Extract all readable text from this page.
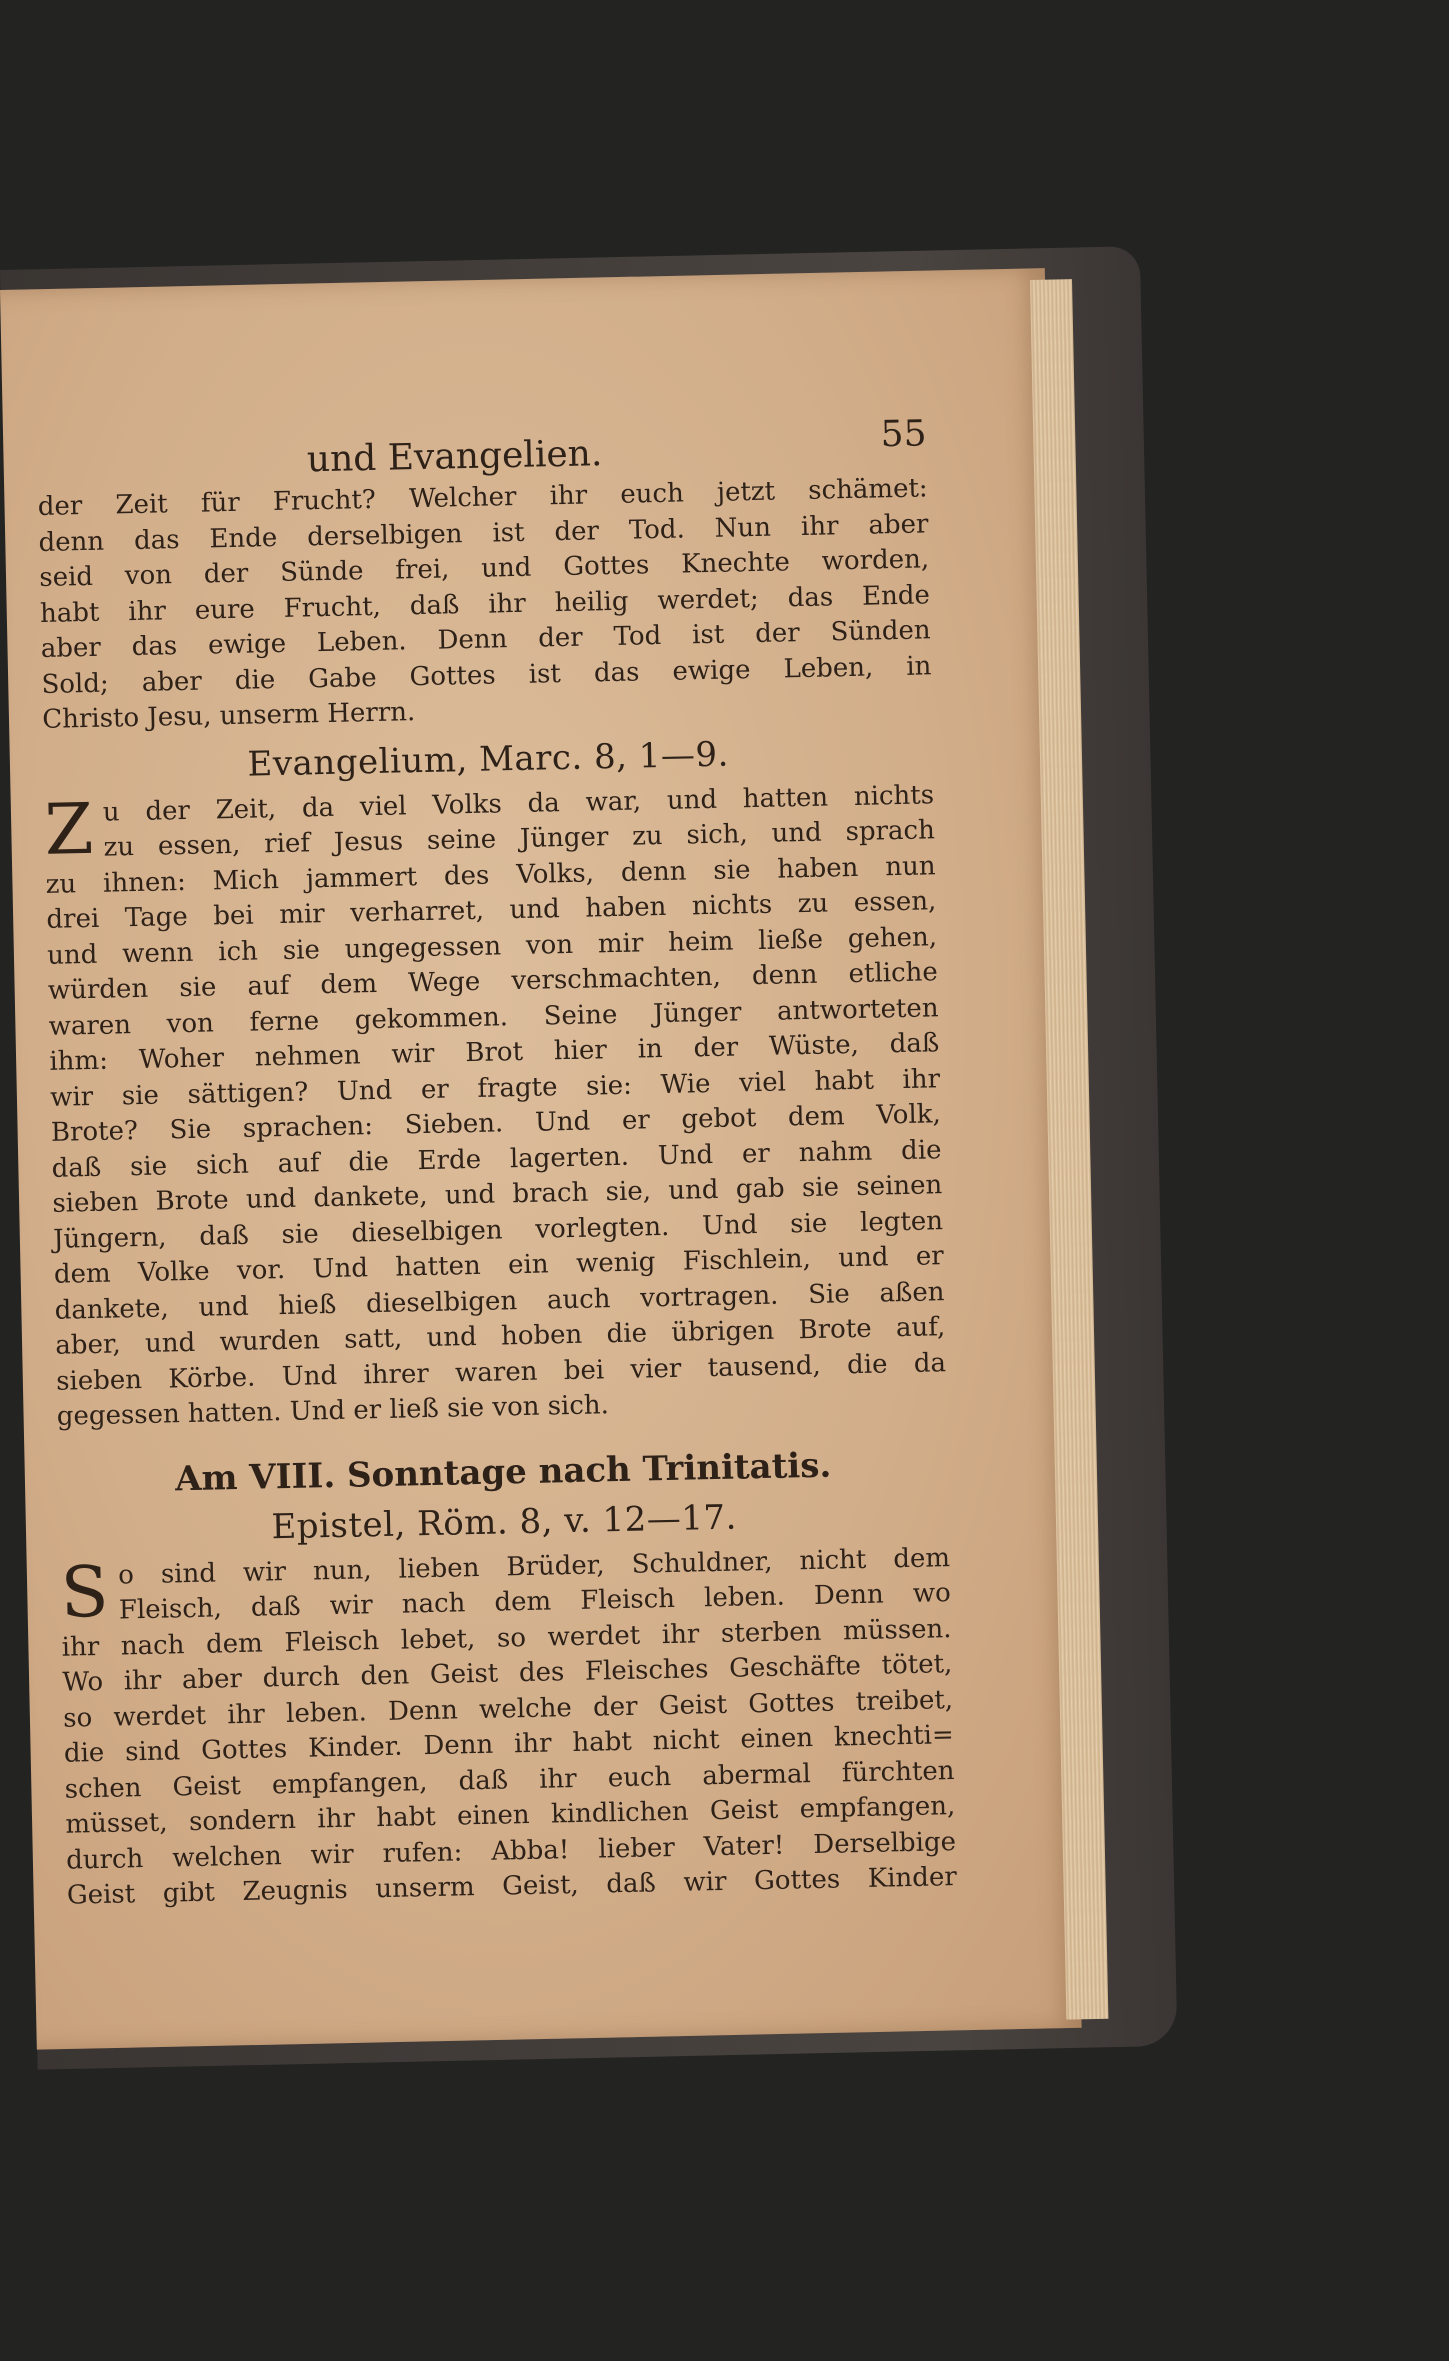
und Evangelien.	55

der Zeit für Frucht? Welcher ihr euch jetzt schämet:
denn das Ende derselbigen ist der Tod. Nun ihr aber
seid von der Sünde frei, und Gottes Knechte worden,
habt ihr eure Frucht, daß ihr heilig werdet; das Ende
aber das ewige Leben. Denn der Tod ist der Sünden
Sold; aber die Gabe Gottes ist das ewige Leben, in
Christo Jesu, unserm Herrn.

Evangelium, Marc. 8, 1—9.

Z u der Zeit, da viel Volks da war, und hatten nichts
zu essen, rief Jesus seine Jünger zu sich, und sprach
zu ihnen: Mich jammert des Volks, denn sie haben nun
drei Tage bei mir verharret, und haben nichts zu essen,
und wenn ich sie ungegessen von mir heim ließe gehen,
würden sie auf dem Wege verschmachten, denn etliche
waren von ferne gekommen. Seine Jünger antworteten
ihm: Woher nehmen wir Brot hier in der Wüste, daß
wir sie sättigen? Und er fragte sie: Wie viel habt ihr
Brote? Sie sprachen: Sieben. Und er gebot dem Volk,
daß sie sich auf die Erde lagerten. Und er nahm die
sieben Brote und dankete, und brach sie, und gab sie seinen
Jüngern, daß sie dieselbigen vorlegten. Und sie legten
dem Volke vor. Und hatten ein wenig Fischlein, und er
dankete, und hieß dieselbigen auch vortragen. Sie aßen
aber, und wurden satt, und hoben die übrigen Brote auf,
sieben Körbe. Und ihrer waren bei vier tausend, die da
gegessen hatten. Und er ließ sie von sich.

Am VIII. Sonntage nach Trinitatis.
Epistel, Röm. 8, v. 12—17.

S o sind wir nun, lieben Brüder, Schuldner, nicht dem
Fleisch, daß wir nach dem Fleisch leben. Denn wo
ihr nach dem Fleisch lebet, so werdet ihr sterben müssen.
Wo ihr aber durch den Geist des Fleisches Geschäfte tötet,
so werdet ihr leben. Denn welche der Geist Gottes treibet,
die sind Gottes Kinder. Denn ihr habt nicht einen knechti=
schen Geist empfangen, daß ihr euch abermal fürchten
müsset, sondern ihr habt einen kindlichen Geist empfangen,
durch welchen wir rufen: Abba! lieber Vater! Derselbige
Geist gibt Zeugnis unserm Geist, daß wir Gottes Kinder
